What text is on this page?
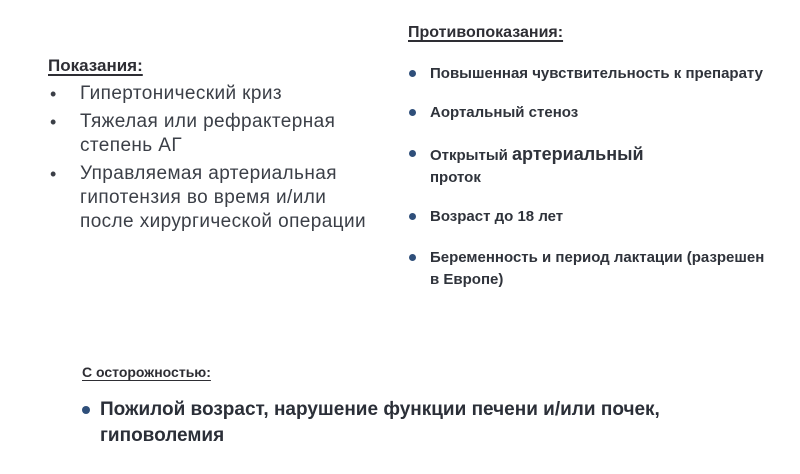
Показания:
• Гипертонический криз
• Тяжелая или рефрактерная степень АГ
• Управляемая артериальная гипотензия во время и/или после хирургической операции
Противопоказания:
Повышенная чувствительность к препарату
Аортальный стеноз
Открытый артериальный
проток
Возраст до 18 лет
Беременность и период лактации (разрешен в Европе)
С осторожностью:
Пожилой возраст, нарушение функции печени и/или почек, гиповолемия
